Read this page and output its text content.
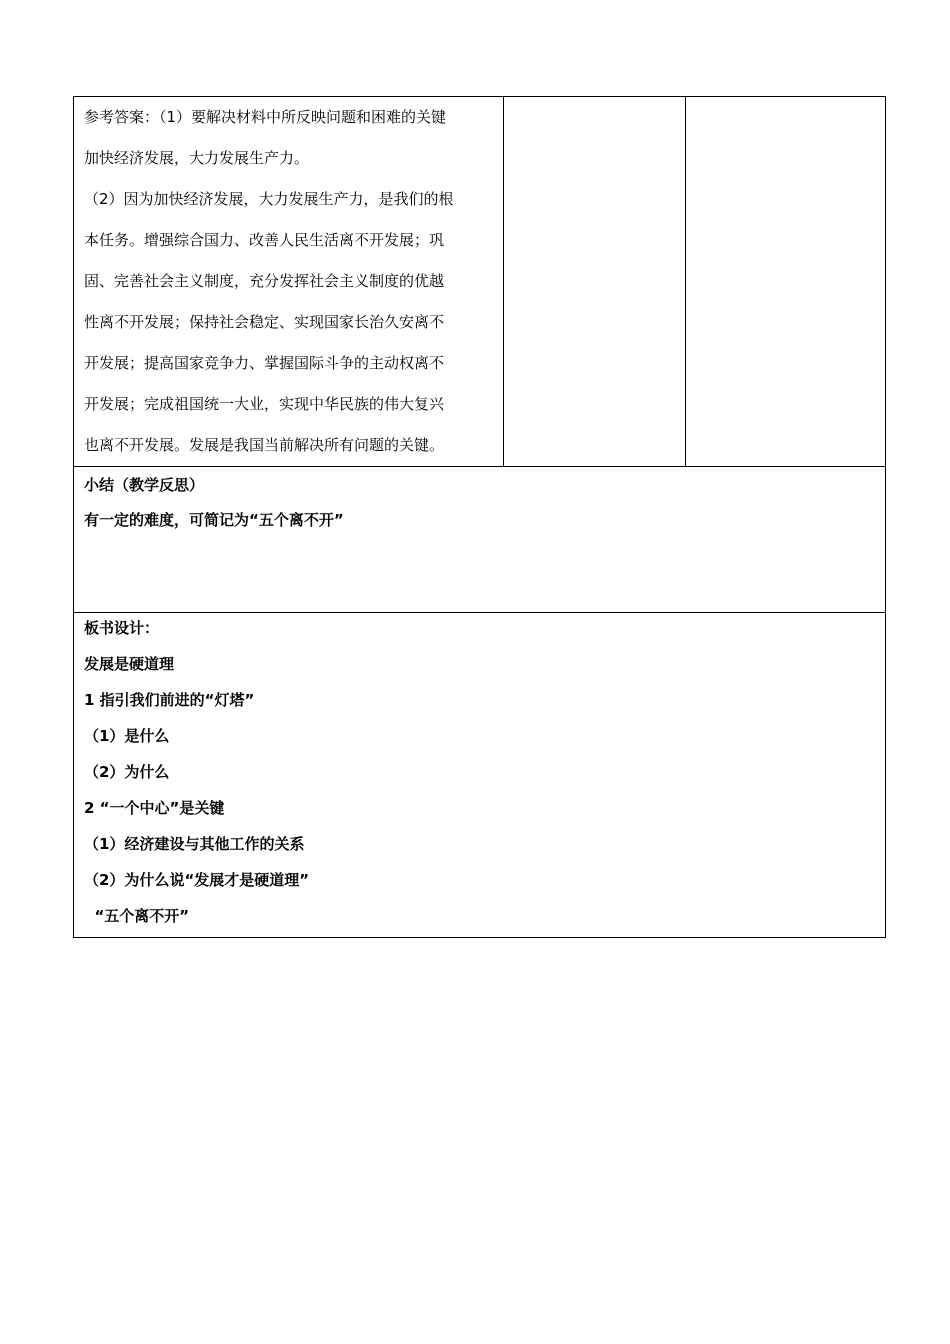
参考答案：（1）要解决材料中所反映问题和困难的关键
加快经济发展，大力发展生产力。
（2）因为加快经济发展，大力发展生产力，是我们的根
本任务。增强综合国力、改善人民生活离不开发展；巩
固、完善社会主义制度，充分发挥社会主义制度的优越
性离不开发展；保持社会稳定、实现国家长治久安离不
开发展；提高国家竞争力、掌握国际斗争的主动权离不
开发展；完成祖国统一大业，实现中华民族的伟大复兴
也离不开发展。发展是我国当前解决所有问题的关键。

小结（教学反思）
有一定的难度，可简记为“五个离不开”

板书设计：
发展是硬道理
1 指引我们前进的“灯塔”
（1）是什么
（2）为什么
2 “一个中心”是关键
（1）经济建设与其他工作的关系
（2）为什么说“发展才是硬道理”
“五个离不开”
